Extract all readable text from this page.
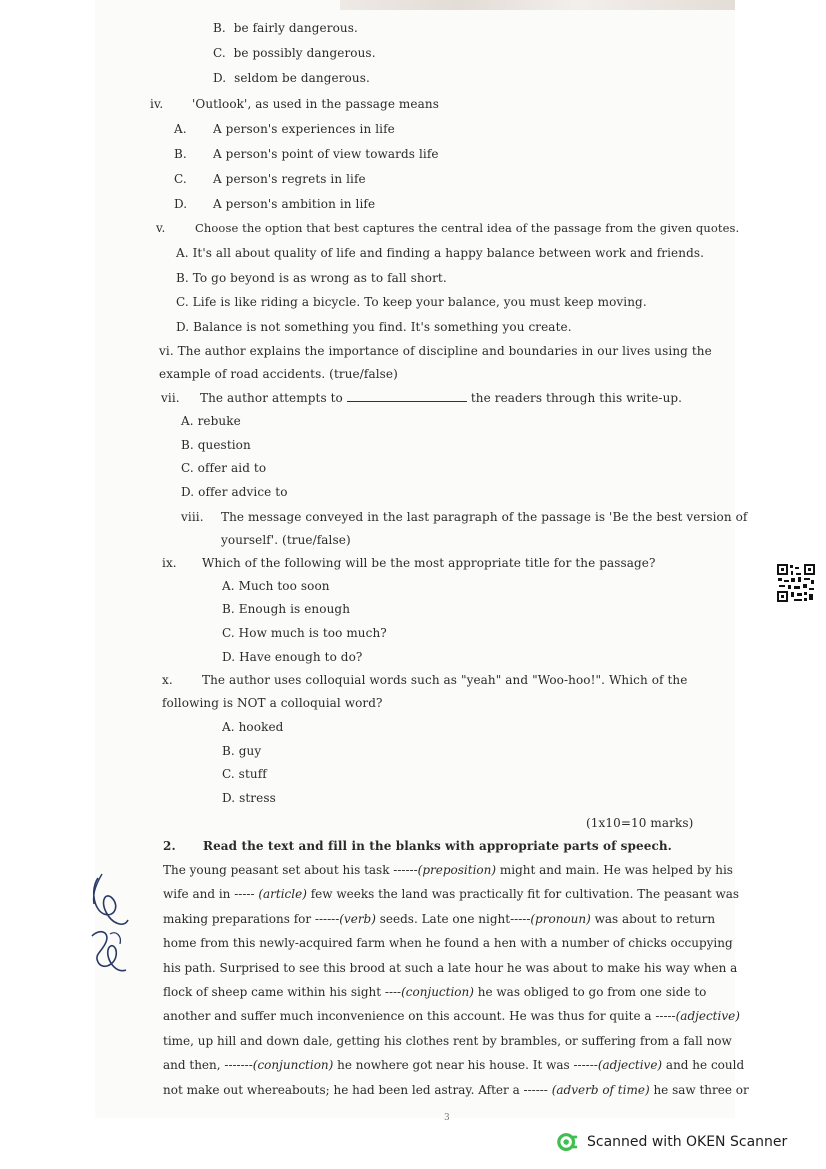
B. be fairly dangerous.
C. be possibly dangerous.
D. seldom be dangerous.
iv. 'Outlook', as used in the passage means
A. A person's experiences in life
B. A person's point of view towards life
C. A person's regrets in life
D. A person's ambition in life
v.	Choose the option that best captures the central idea of the passage from the given quotes.
A. It's all about quality of life and finding a happy balance between work and friends.
B. To go beyond is as wrong as to fall short.
C. Life is like riding a bicycle. To keep your balance, you must keep moving.
D. Balance is not something you find. It's something you create.
vi. The author explains the importance of discipline and boundaries in our lives using the
example of road accidents. (true/false)
vii. The author attempts to	the readers through this write-up.
A. rebuke
B. question
C. offer aid to
D. offer advice to
viii. The message conveyed in the last paragraph of the passage is 'Be the best version of
yourself'. (true/false)
ix. Which of the following will be the most appropriate title for the passage?
A. Much too soon
B. Enough is enough
C. How much is too much?
D. Have enough to do?
x. The author uses colloquial words such as "yeah" and "Woo-hoo!". Which of the
following is NOT a colloquial word?
A. hooked
B. guy
C. stuff
D. stress
(1x10=10 marks)
2. Read the text and fill in the blanks with appropriate parts of speech.
The young peasant set about his task ------(preposition) might and main. He was helped by his
wife and in ----- (article) few weeks the land was practically fit for cultivation. The peasant was
making preparations for ------(verb) seeds. Late one night-----(pronoun) was about to return
home from this newly-acquired farm when he found a hen with a number of chicks occupying
his path. Surprised to see this brood at such a late hour he was about to make his way when a
flock of sheep came within his sight ----(conjuction) he was obliged to go from one side to
another and suffer much inconvenience on this account. He was thus for quite a -----(adjective)
time, up hill and down dale, getting his clothes rent by brambles, or suffering from a fall now
and then, -------(conjunction) he nowhere got near his house. It was ------(adjective) and he could
not make out whereabouts; he had been led astray. After a ------ (adverb of time) he saw three or
3
Scanned with OKEN Scanner
